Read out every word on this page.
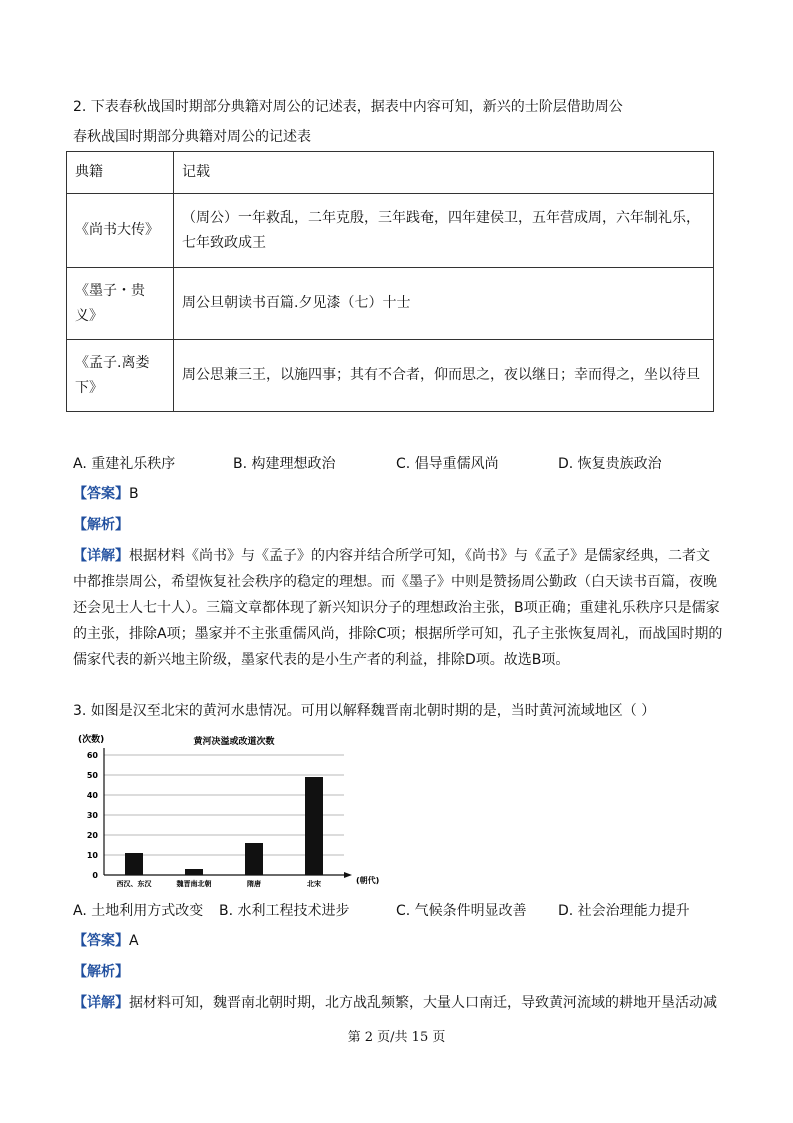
2. 下表春秋战国时期部分典籍对周公的记述表，据表中内容可知，新兴的士阶层借助周公
春秋战国时期部分典籍对周公的记述表
典籍	记载
《尚书大传》	（周公）一年救乱，二年克殷，三年践奄，四年建侯卫，五年营成周，六年制礼乐，七年致政成王
《墨子・贵义》	周公旦朝读书百篇.夕见漆（七）十士
《孟子.离娄下》	周公思兼三王，以施四事；其有不合者，仰而思之，夜以继日；幸而得之，坐以待旦
A. 重建礼乐秩序	B. 构建理想政治	C. 倡导重儒风尚	D. 恢复贵族政治
【答案】B
【解析】
【详解】根据材料《尚书》与《孟子》的内容并结合所学可知，《尚书》与《孟子》是儒家经典，二者文中都推崇周公，希望恢复社会秩序的稳定的理想。而《墨子》中则是赞扬周公勤政（白天读书百篇，夜晚还会见士人七十人）。三篇文章都体现了新兴知识分子的理想政治主张，B项正确；重建礼乐秩序只是儒家的主张，排除A项；墨家并不主张重儒风尚，排除C项；根据所学可知，孔子主张恢复周礼，而战国时期的儒家代表的新兴地主阶级，墨家代表的是小生产者的利益，排除D项。故选B项。
3. 如图是汉至北宋的黄河水患情况。可用以解释魏晋南北朝时期的是，当时黄河流域地区（ ）
0
10
20
30
40
50
60
西汉、东汉	魏晋南北朝	隋唐	北宋
(次数)	黄河决溢或改道次数
(朝代)
A. 土地利用方式改变 B. 水利工程技术进步	C. 气候条件明显改善 D. 社会治理能力提升
【答案】A
【解析】
【详解】据材料可知，魏晋南北朝时期，北方战乱频繁，大量人口南迁，导致黄河流域的耕地开垦活动减
第 2 页/共 15 页
